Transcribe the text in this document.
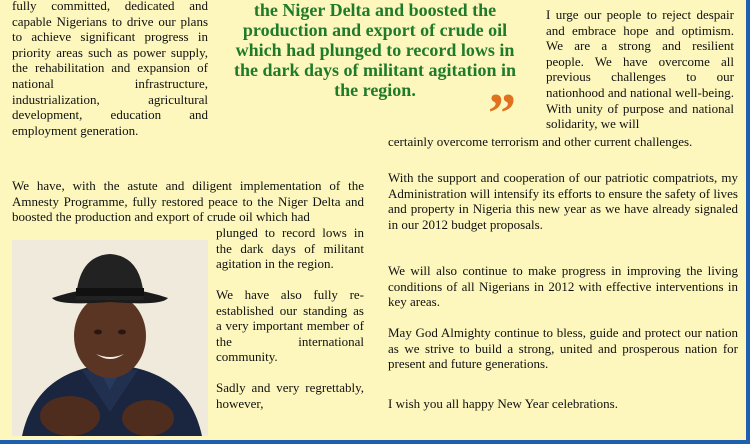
fully committed, dedicated and capable Nigerians to drive our plans to achieve significant progress in priority areas such as power supply, the rehabilitation and expansion of national infrastructure, industrialization, agricultural development, education and employment generation.

the Niger Delta and boosted the production and export of crude oil which had plunged to record lows in the dark days of militant agitation in the region.	”

I urge our people to reject despair and embrace hope and optimism. We are a strong and resilient people. We have overcome all previous challenges to our nationhood and national well-being. With unity of purpose and national solidarity, we will

certainly overcome terrorism and other current challenges.

We have, with the astute and diligent implementation of the Amnesty Programme, fully restored peace to the Niger Delta and boosted the production and export of crude oil which had

plunged to record lows in the dark days of militant agitation in the region.

We have also fully re-established our standing as a very important member of the international community.

Sadly and very regrettably, however,

With the support and cooperation of our patriotic compatriots, my Administration will intensify its efforts to ensure the safety of lives and property in Nigeria this new year as we have already signaled in our 2012 budget proposals.

We will also continue to make progress in improving the living conditions of all Nigerians in 2012 with effective interventions in key areas.

May God Almighty continue to bless, guide and protect our nation as we strive to build a strong, united and prosperous nation for present and future generations.

I wish you all happy New Year celebrations.
